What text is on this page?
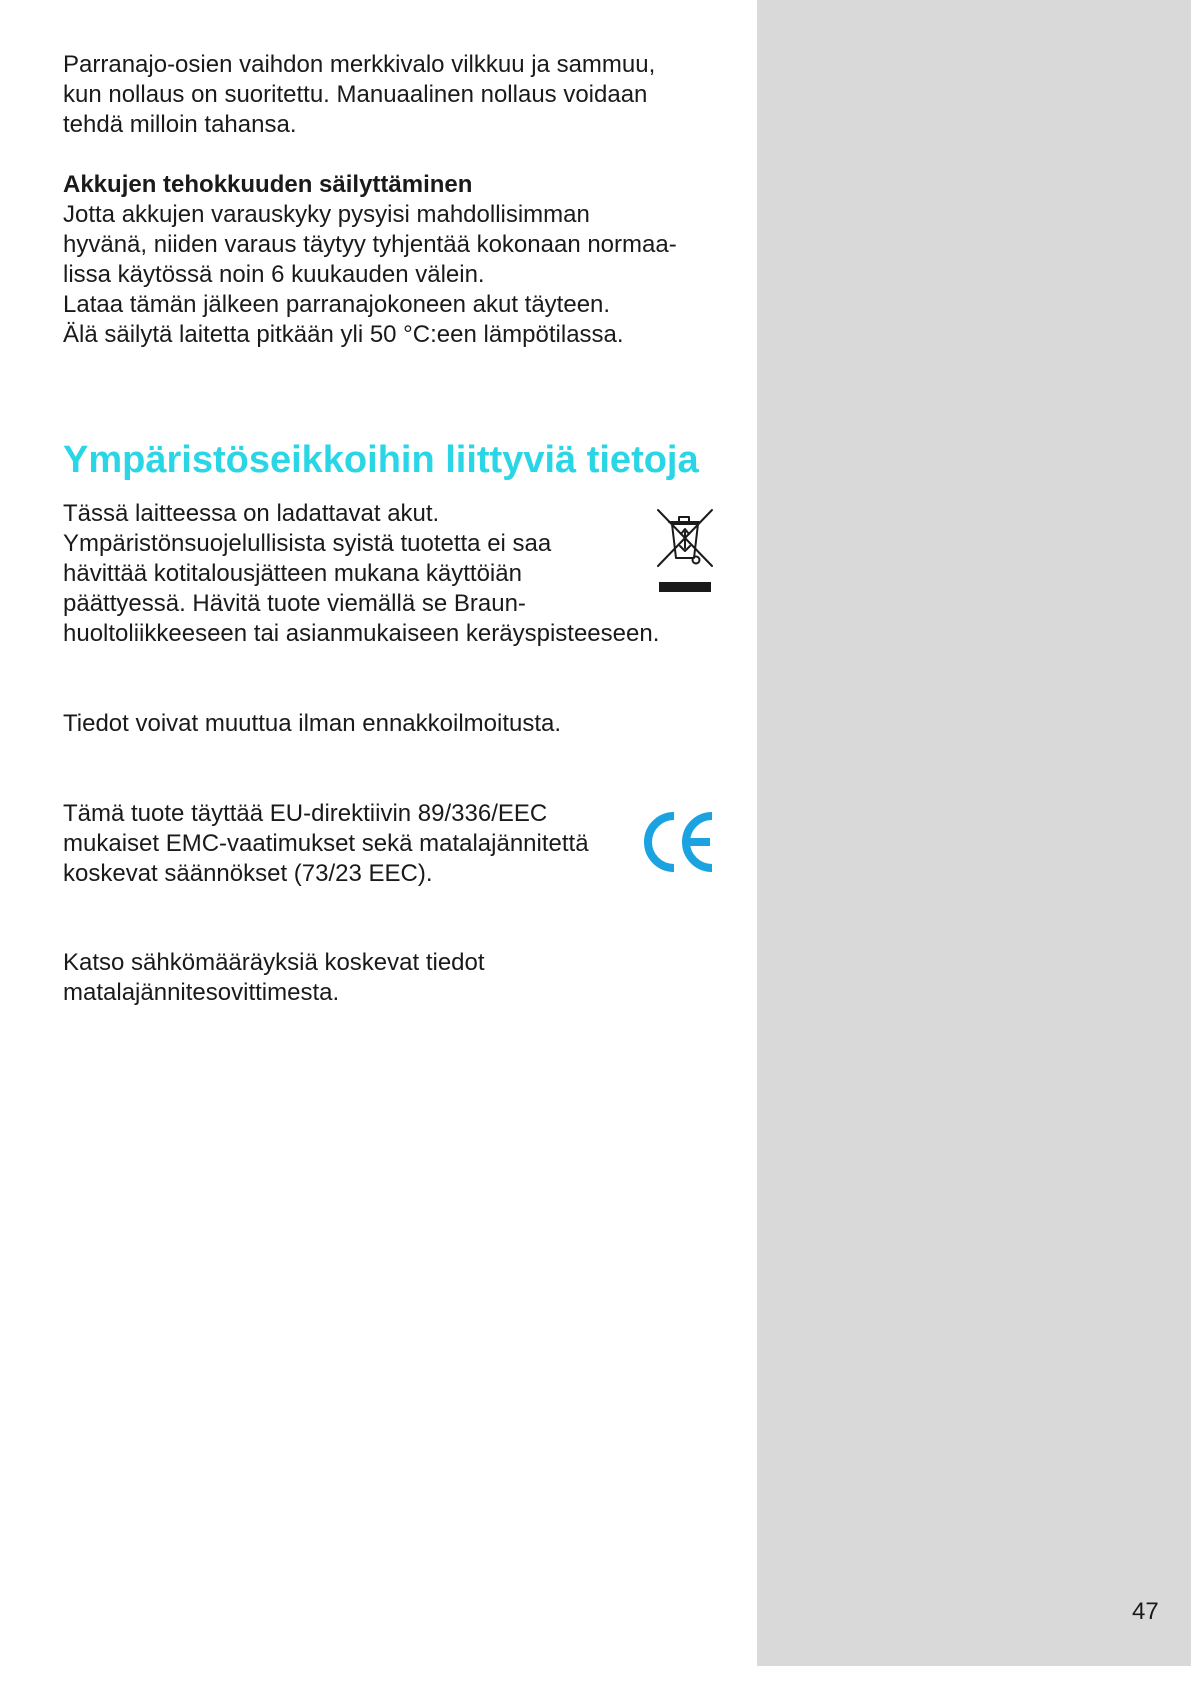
Parranajo-osien vaihdon merkkivalo vilkkuu ja sammuu,
kun nollaus on suoritettu. Manuaalinen nollaus voidaan
tehdä milloin tahansa.

Akkujen tehokkuuden säilyttäminen
Jotta akkujen varauskyky pysyisi mahdollisimman
hyvänä, niiden varaus täytyy tyhjentää kokonaan normaa-
lissa käytössä noin 6 kuukauden välein.
Lataa tämän jälkeen parranajokoneen akut täyteen.
Älä säilytä laitetta pitkään yli 50 °C:een lämpötilassa.
Ympäristöseikkoihin liittyviä tietoja
Tässä laitteessa on ladattavat akut.
Ympäristönsuojelullisista syistä tuotetta ei saa
hävittää kotitalousjätteen mukana käyttöiän
päättyessä. Hävitä tuote viemällä se Braun-
huoltoliikkeeseen tai asianmukaiseen keräyspisteeseen.
Tiedot voivat muuttua ilman ennakkoilmoitusta.
Tämä tuote täyttää EU-direktiivin 89/336/EEC
mukaiset EMC-vaatimukset sekä matalajännitettä
koskevat säännökset (73/23 EEC).
Katso sähkömääräyksiä koskevat tiedot
matalajännitesovittimesta.
47
